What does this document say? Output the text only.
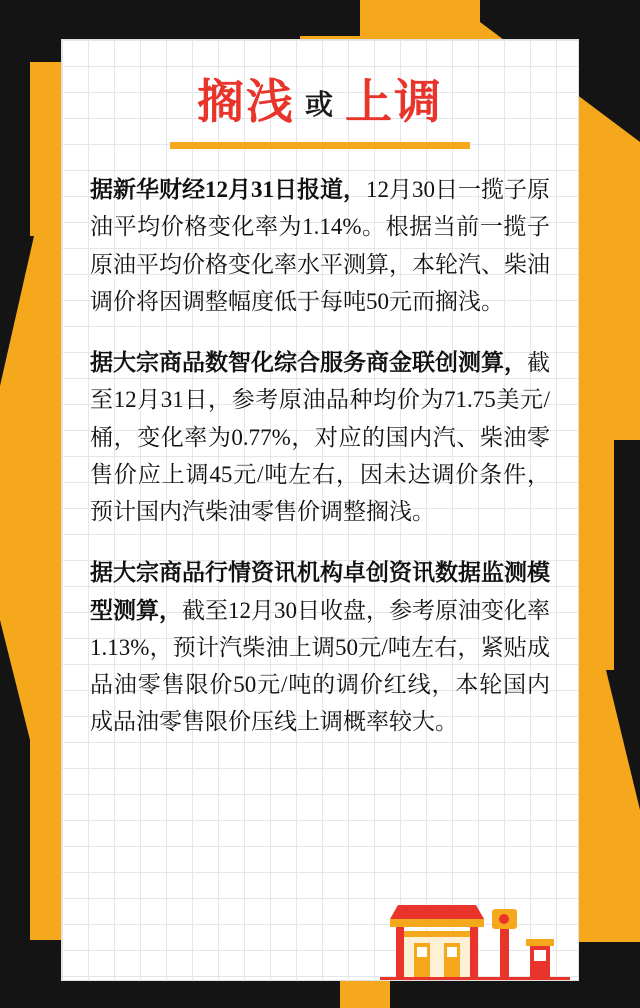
搁浅 或 上调

据新华财经12月31日报道，12月30日一揽子原油平均价格变化率为1.14%。根据当前一揽子原油平均价格变化率水平测算，本轮汽、柴油调价将因调整幅度低于每吨50元而搁浅。

据大宗商品数智化综合服务商金联创测算，截至12月31日，参考原油品种均价为71.75美元/桶，变化率为0.77%，对应的国内汽、柴油零售价应上调45元/吨左右，因未达调价条件，预计国内汽柴油零售价调整搁浅。

据大宗商品行情资讯机构卓创资讯数据监测模型测算，截至12月30日收盘，参考原油变化率1.13%，预计汽柴油上调50元/吨左右，紧贴成品油零售限价50元/吨的调价红线，本轮国内成品油零售限价压线上调概率较大。
